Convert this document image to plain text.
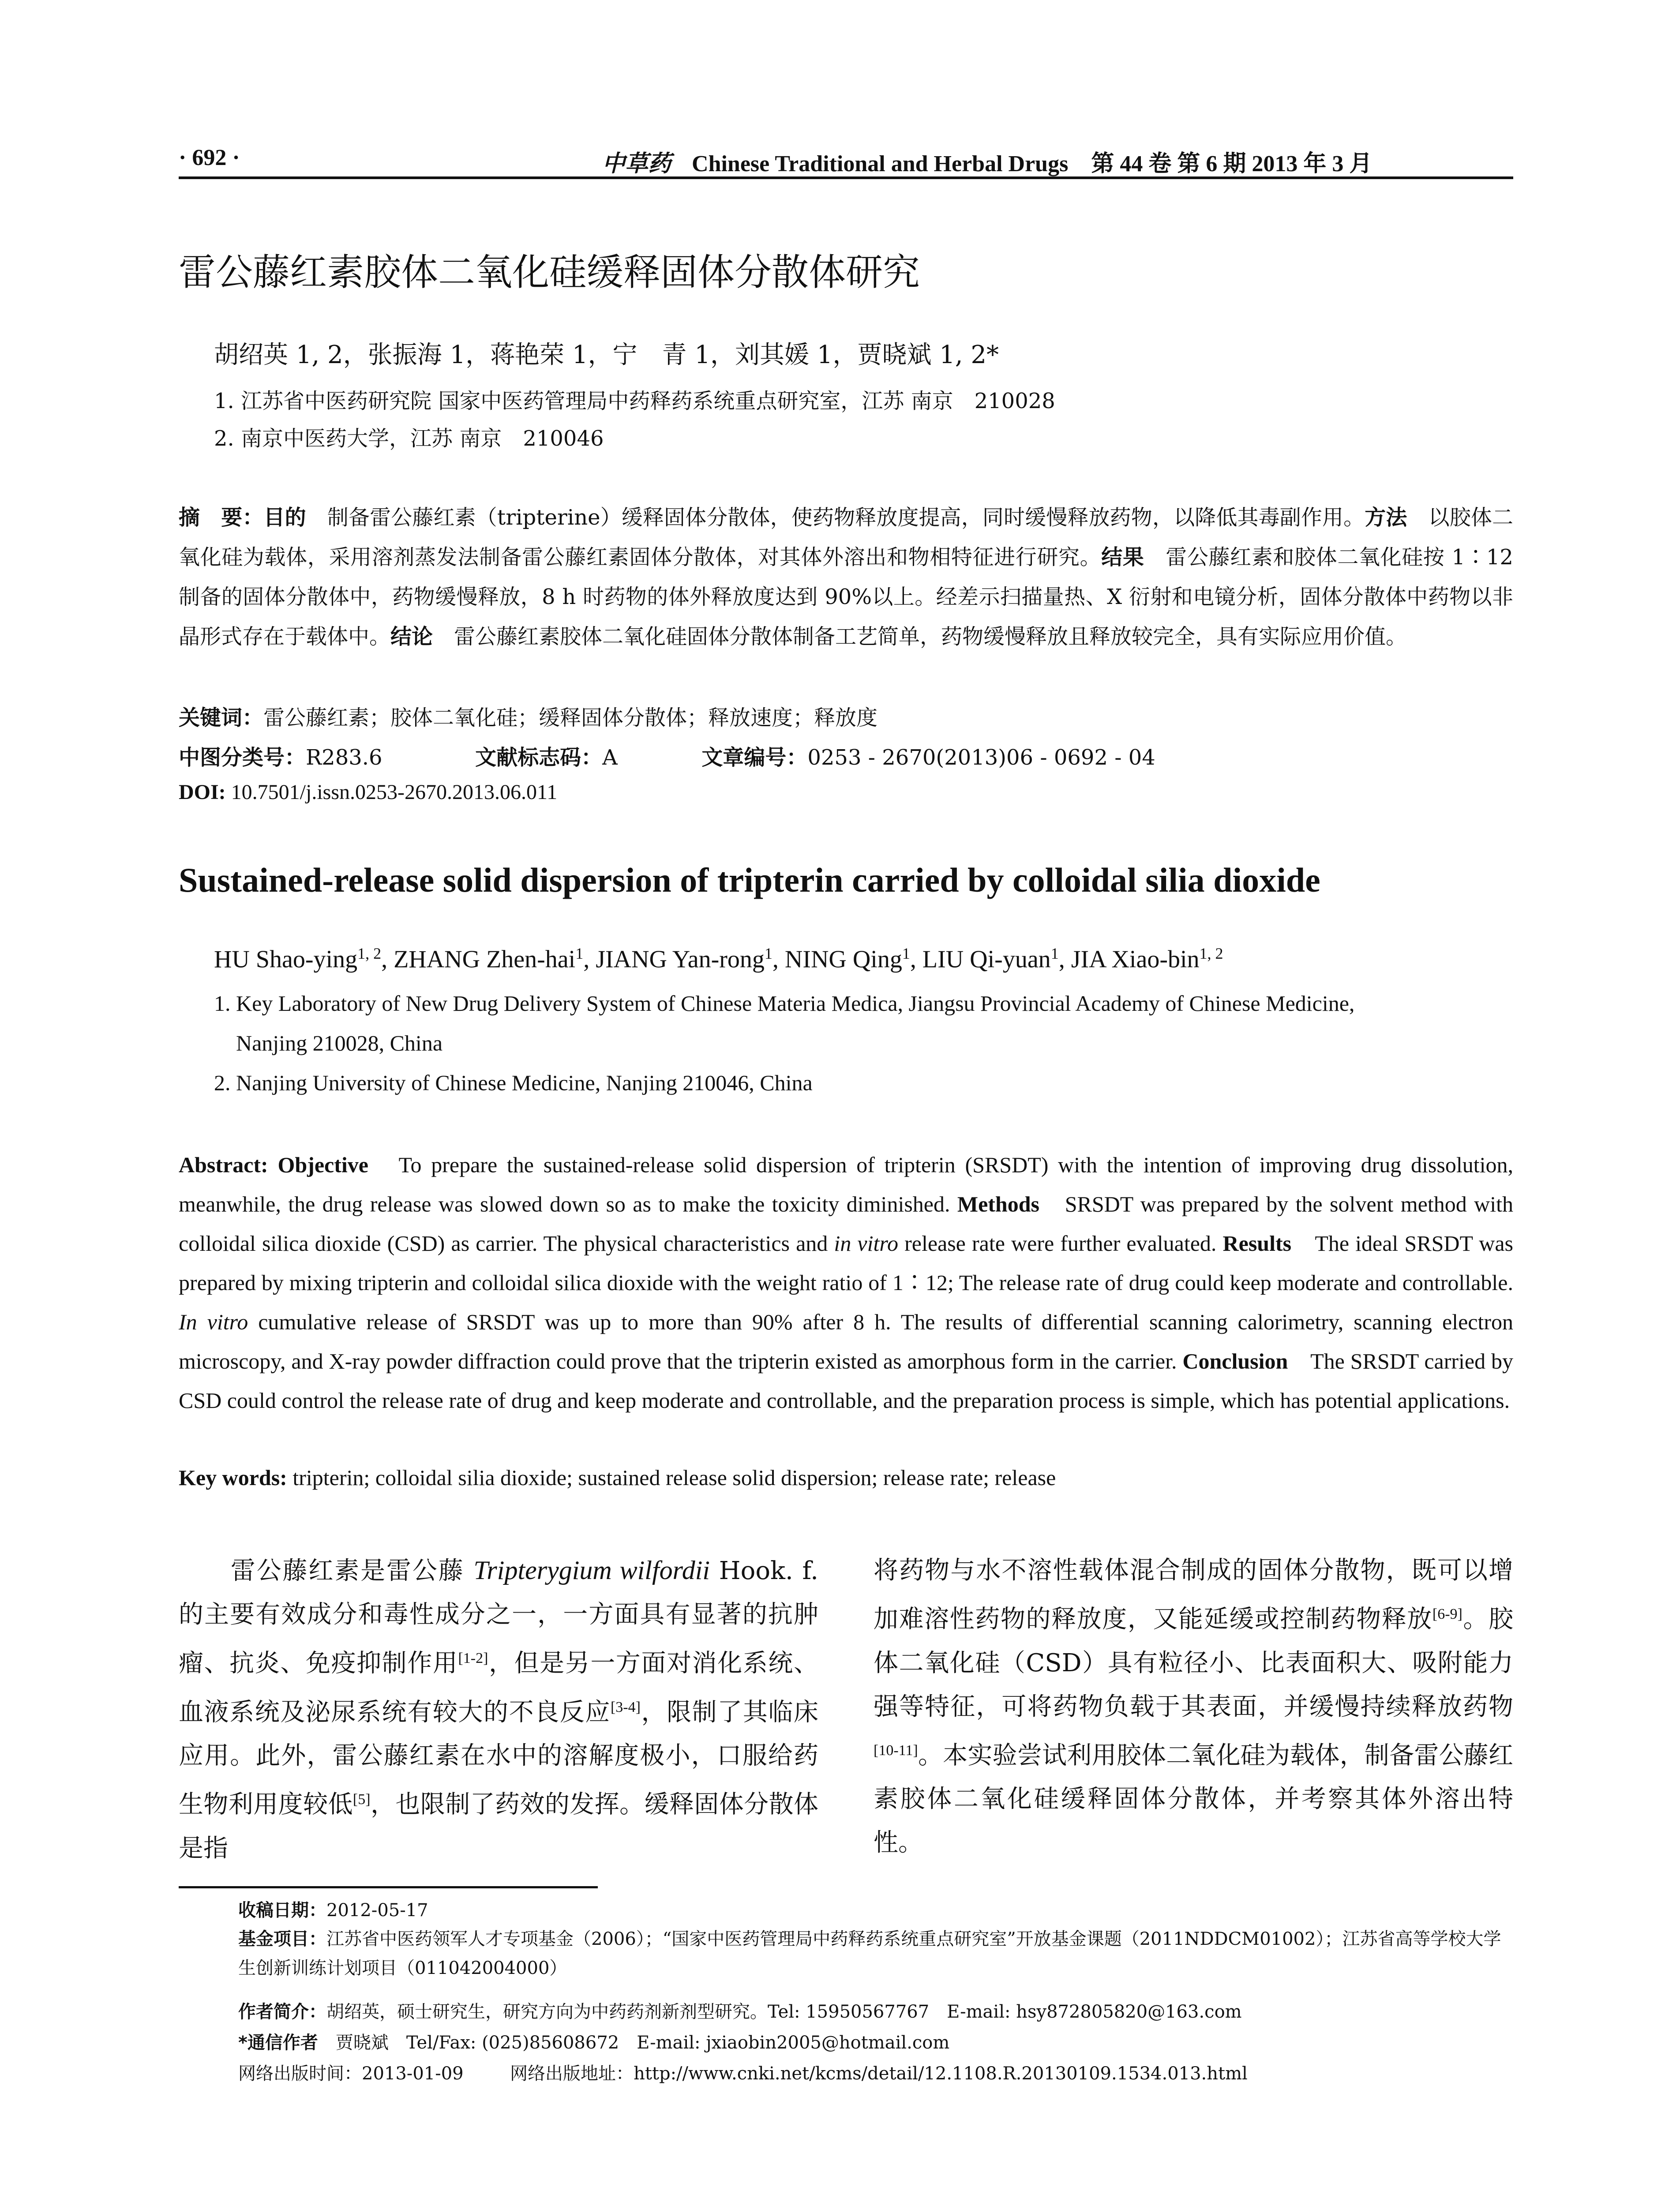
· 692 ·	中草药 Chinese Traditional and Herbal Drugs 第 44 卷 第 6 期 2013 年 3 月
雷公藤红素胶体二氧化硅缓释固体分散体研究
胡绍英 1, 2，张振海 1，蒋艳荣 1，宁　青 1，刘其媛 1，贾晓斌 1, 2*
1. 江苏省中医药研究院 国家中医药管理局中药释药系统重点研究室，江苏 南京　210028
2. 南京中医药大学，江苏 南京　210046
摘　要：目的　制备雷公藤红素（tripterine）缓释固体分散体，使药物释放度提高，同时缓慢释放药物，以降低其毒副作用。方法　以胶体二氧化硅为载体，采用溶剂蒸发法制备雷公藤红素固体分散体，对其体外溶出和物相特征进行研究。结果　雷公藤红素和胶体二氧化硅按 1∶12 制备的固体分散体中，药物缓慢释放，8 h 时药物的体外释放度达到 90%以上。经差示扫描量热、X 衍射和电镜分析，固体分散体中药物以非晶形式存在于载体中。结论　雷公藤红素胶体二氧化硅固体分散体制备工艺简单，药物缓慢释放且释放较完全，具有实际应用价值。
关键词：雷公藤红素；胶体二氧化硅；缓释固体分散体；释放速度；释放度
中图分类号：R283.6	文献标志码：A	文章编号：0253 - 2670(2013)06 - 0692 - 04
DOI: 10.7501/j.issn.0253-2670.2013.06.011
Sustained-release solid dispersion of tripterin carried by colloidal silia dioxide
HU Shao-ying$^{1, 2}$, ZHANG Zhen-hai$^1$, JIANG Yan-rong$^1$, NING Qing$^1$, LIU Qi-yuan$^1$, JIA Xiao-bin$^{1, 2}$
1. Key Laboratory of New Drug Delivery System of Chinese Materia Medica, Jiangsu Provincial Academy of Chinese Medicine,
Nanjing 210028, China
2. Nanjing University of Chinese Medicine, Nanjing 210046, China
Abstract: Objective　To prepare the sustained-release solid dispersion of tripterin (SRSDT) with the intention of improving drug dissolution, meanwhile, the drug release was slowed down so as to make the toxicity diminished. Methods　SRSDT was prepared by the solvent method with colloidal silica dioxide (CSD) as carrier. The physical characteristics and in vitro release rate were further evaluated. Results　The ideal SRSDT was prepared by mixing tripterin and colloidal silica dioxide with the weight ratio of 1∶12; The release rate of drug could keep moderate and controllable. In vitro cumulative release of SRSDT was up to more than 90% after 8 h. The results of differential scanning calorimetry, scanning electron microscopy, and X-ray powder diffraction could prove that the tripterin existed as amorphous form in the carrier. Conclusion　The SRSDT carried by CSD could control the release rate of drug and keep moderate and controllable, and the preparation process is simple, which has potential applications.
Key words: tripterin; colloidal silia dioxide; sustained release solid dispersion; release rate; release
　　雷公藤红素是雷公藤 Tripterygium wilfordii Hook. f. 的主要有效成分和毒性成分之一，一方面具有显著的抗肿瘤、抗炎、免疫抑制作用[1-2]，但是另一方面对消化系统、血液系统及泌尿系统有较大的不良反应[3-4]，限制了其临床应用。此外，雷公藤红素在水中的溶解度极小，口服给药生物利用度较低[5]，也限制了药效的发挥。缓释固体分散体是指
将药物与水不溶性载体混合制成的固体分散物，既可以增加难溶性药物的释放度，又能延缓或控制药物释放[6-9]。胶体二氧化硅（CSD）具有粒径小、比表面积大、吸附能力强等特征，可将药物负载于其表面，并缓慢持续释放药物[10-11]。本实验尝试利用胶体二氧化硅为载体，制备雷公藤红素胶体二氧化硅缓释固体分散体，并考察其体外溶出特性。
收稿日期：2012-05-17
基金项目：江苏省中医药领军人才专项基金（2006）；“国家中医药管理局中药释药系统重点研究室”开放基金课题（2011NDDCM01002）；江苏省高等学校大学生创新训练计划项目（011042004000）
作者简介：胡绍英，硕士研究生，研究方向为中药药剂新剂型研究。Tel: 15950567767　E-mail: hsy872805820@163.com
*通信作者　贾晓斌　Tel/Fax: (025)85608672　E-mail: jxiaobin2005@hotmail.com
网络出版时间：2013-01-09	网络出版地址：http://www.cnki.net/kcms/detail/12.1108.R.20130109.1534.013.html
